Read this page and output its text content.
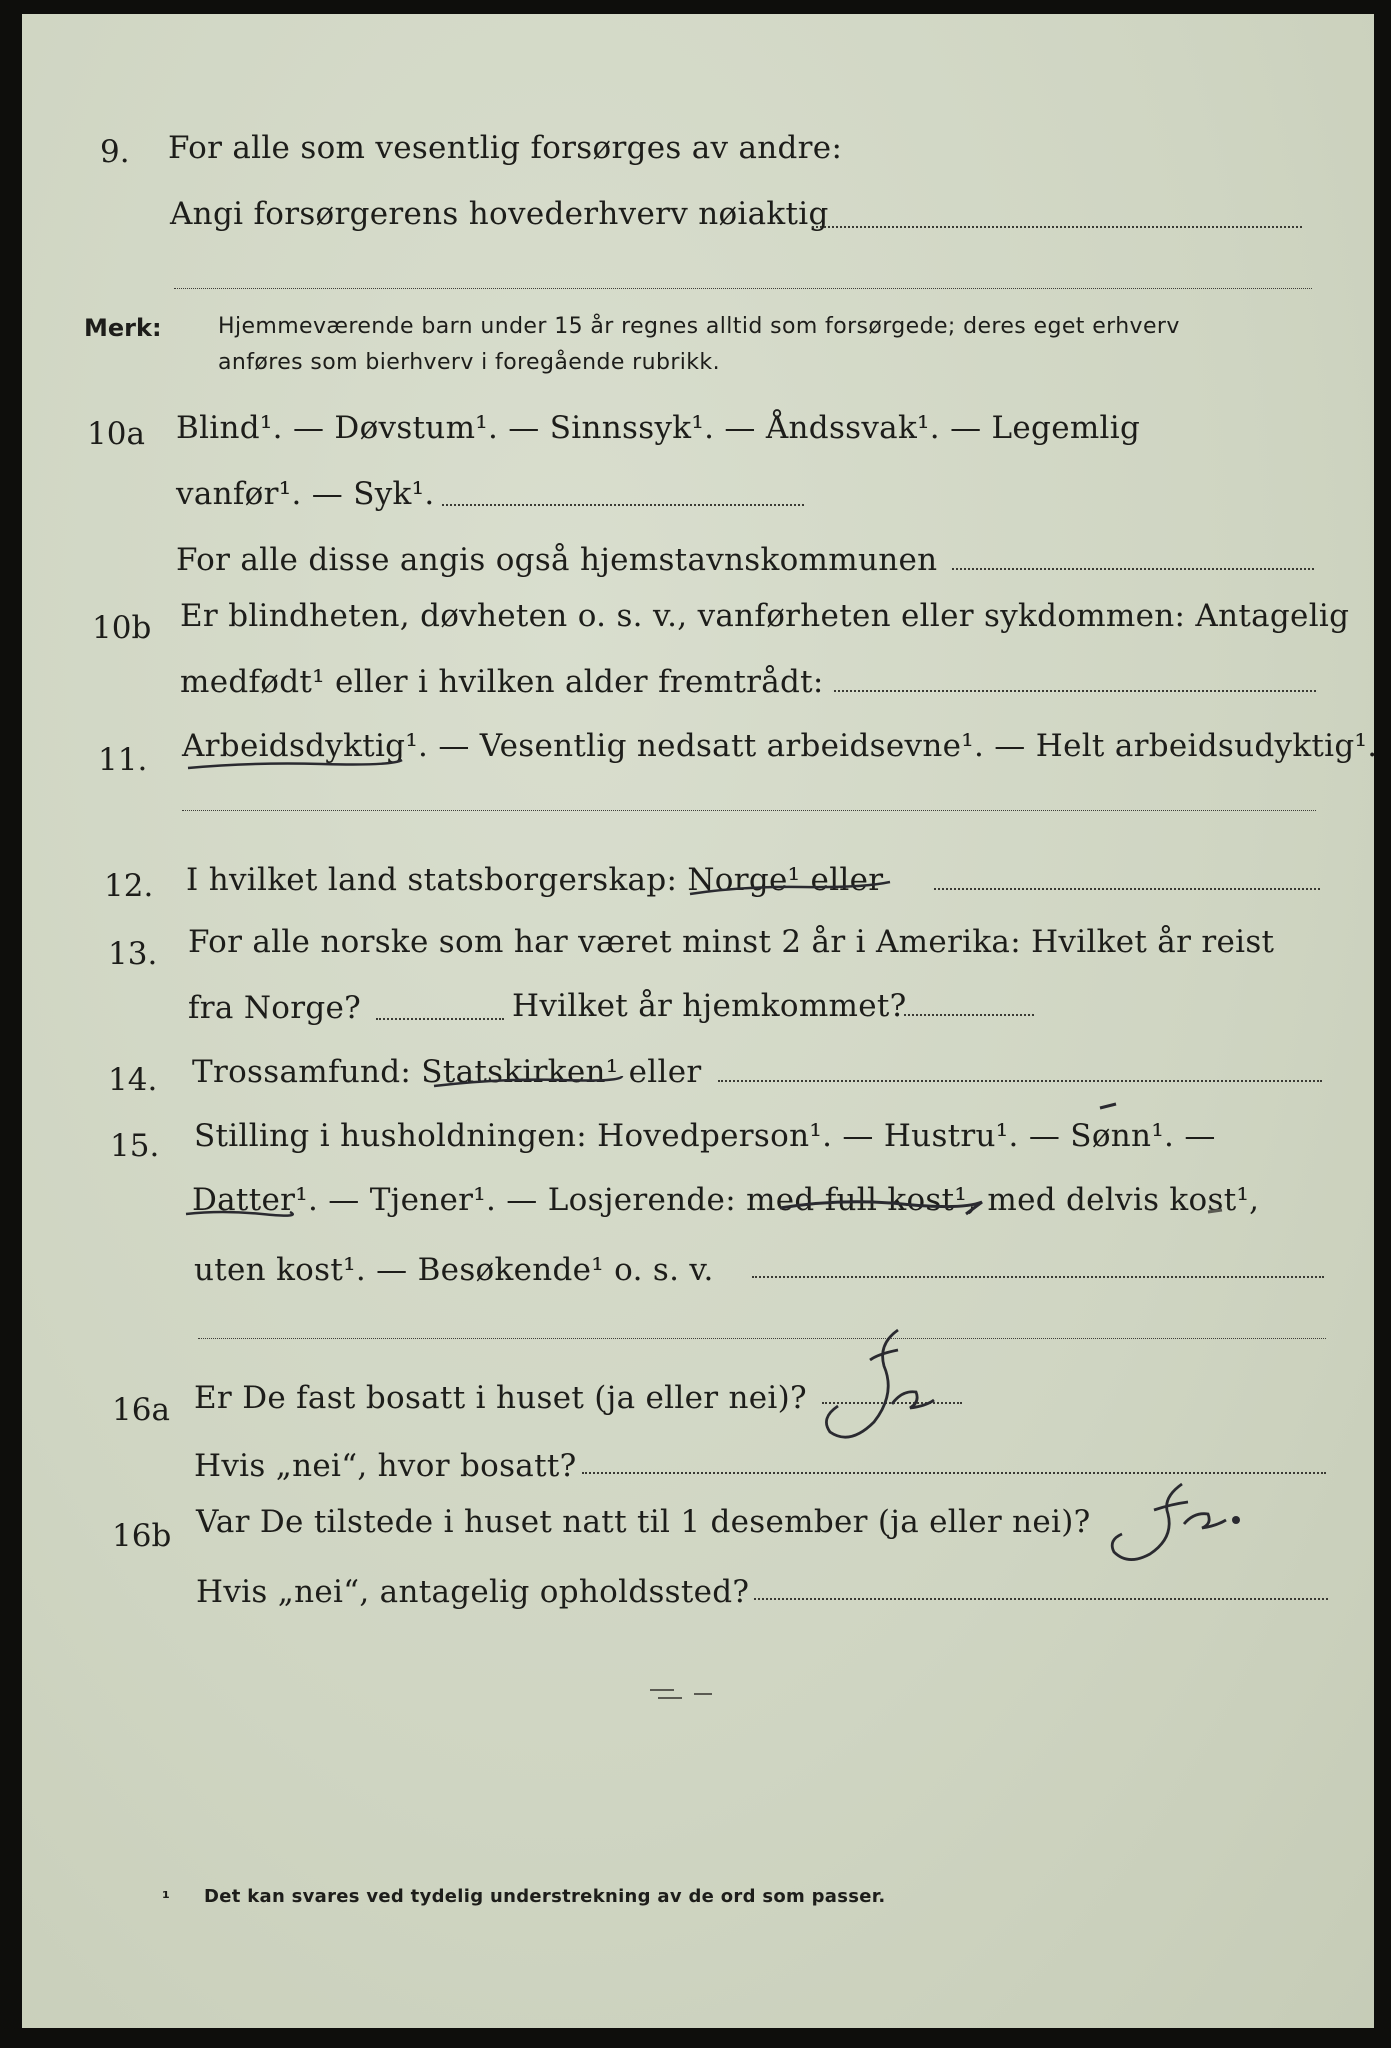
9. For alle som vesentlig forsørges av andre:
Angi forsørgerens hovederhverv nøiaktig
Merk:	Hjemmeværende barn under 15 år regnes alltid som forsørgede; deres eget erhverv
anføres som bierhverv i foregående rubrikk.
10a Blind¹. — Døvstum¹. — Sinnssyk¹. — Åndssvak¹. — Legemlig
vanfør¹. — Syk¹.
For alle disse angis også hjemstavnskommunen
10b Er blindheten, døvheten o. s. v., vanførheten eller sykdommen: Antagelig
medfødt¹ eller i hvilken alder fremtrådt:
11. Arbeidsdyktig¹. — Vesentlig nedsatt arbeidsevne¹. — Helt arbeidsudyktig¹.
12. I hvilket land statsborgerskap: Norge¹ eller
13. For alle norske som har været minst 2 år i Amerika: Hvilket år reist
fra Norge?	Hvilket år hjemkommet?
14. Trossamfund: Statskirken¹ eller
15. Stilling i husholdningen: Hovedperson¹. — Hustru¹. — Sønn¹. —
Datter¹. — Tjener¹. — Losjerende: med full kost¹, med delvis kost¹,
uten kost¹. — Besøkende¹ o. s. v.
16a Er De fast bosatt i huset (ja eller nei)?
Hvis „nei“, hvor bosatt?
16b Var De tilstede i huset natt til 1 desember (ja eller nei)?
Hvis „nei“, antagelig opholdssted?
¹ Det kan svares ved tydelig understrekning av de ord som passer.
